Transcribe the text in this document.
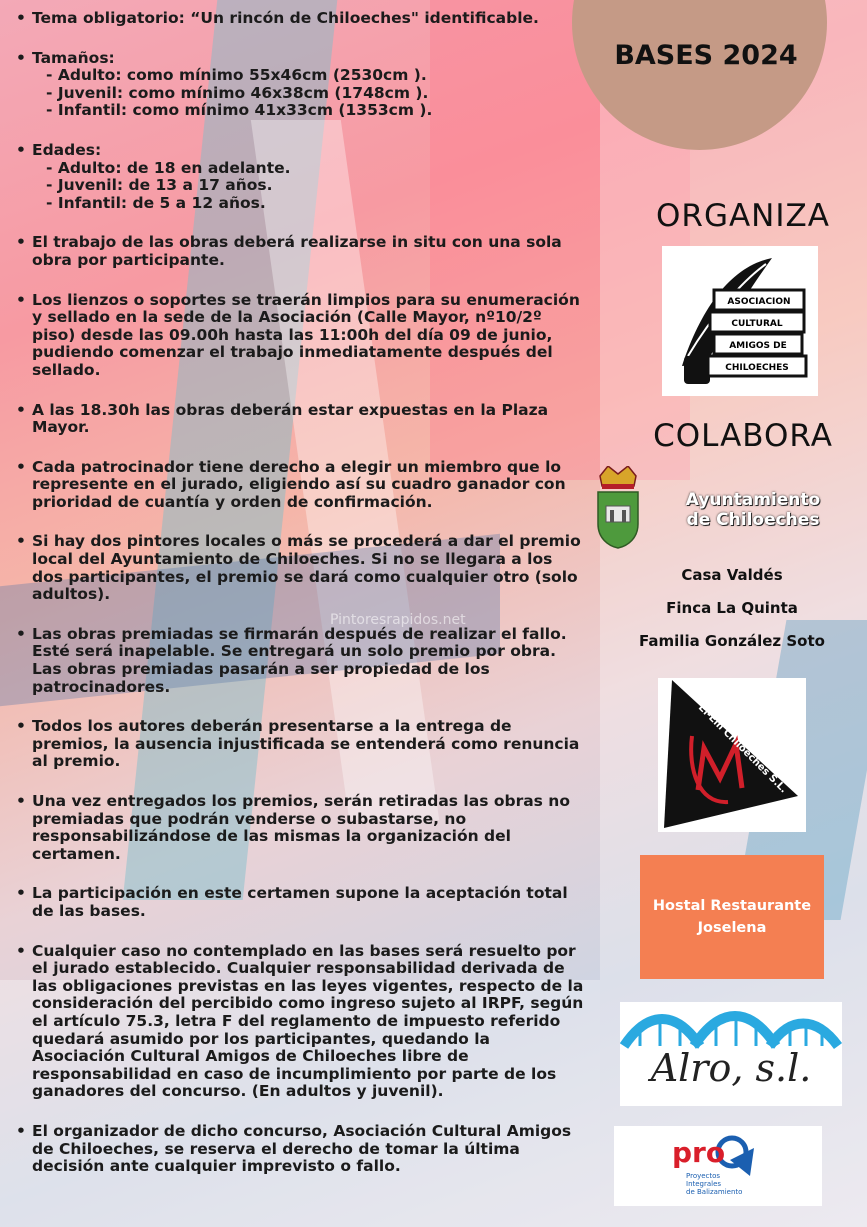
BASES 2024
• Tema obligatorio: “Un rincón de Chiloeches" identificable.
• Tamaños:
- Adulto: como mínimo 55x46cm (2530cm ).
- Juvenil: como mínimo 46x38cm (1748cm ).
- Infantil: como mínimo 41x33cm (1353cm ).
• Edades:
- Adulto: de 18 en adelante.
- Juvenil: de 13 a 17 años.
- Infantil: de 5 a 12 años.
• El trabajo de las obras deberá realizarse in situ con una sola obra por participante.
• Los lienzos o soportes se traerán limpios para su enumeración y sellado en la sede de la Asociación (Calle Mayor, nº10/2º piso) desde las 09.00h hasta las 11:00h del día 09 de junio, pudiendo comenzar el trabajo inmediatamente después del sellado.
• A las 18.30h las obras deberán estar expuestas en la Plaza Mayor.
• Cada patrocinador tiene derecho a elegir un miembro que lo represente en el jurado, eligiendo así su cuadro ganador con prioridad de cuantía y orden de confirmación.
• Si hay dos pintores locales o más se procederá a dar el premio local del Ayuntamiento de Chiloeches. Si no se llegara a los dos participantes, el premio se dará como cualquier otro (solo adultos).
• Las obras premiadas se firmarán después de realizar el fallo. Esté será inapelable. Se entregará un solo premio por obra. Las obras premiadas pasarán a ser propiedad de los patrocinadores.
• Todos los autores deberán presentarse a la entrega de premios, la ausencia injustificada se entenderá como renuncia al premio.
• Una vez entregados los premios, serán retiradas las obras no premiadas que podrán venderse o subastarse, no responsabilizándose de las mismas la organización del certamen.
• La participación en este certamen supone la aceptación total de las bases.
• Cualquier caso no contemplado en las bases será resuelto por el jurado establecido. Cualquier responsabilidad derivada de las obligaciones previstas en las leyes vigentes, respecto de la consideración del percibido como ingreso sujeto al IRPF, según el artículo 75.3, letra F del reglamento de impuesto referido quedará asumido por los participantes, quedando la Asociación Cultural Amigos de Chiloeches libre de responsabilidad en caso de incumplimiento por parte de los ganadores del concurso. (En adultos y juvenil).
• El organizador de dicho concurso, Asociación Cultural Amigos de Chiloeches, se reserva el derecho de tomar la última decisión ante cualquier imprevisto o fallo.
Pintoresrapidos.net
ORGANIZA
ASOCIACION
CULTURAL
AMIGOS DE
CHILOECHES
COLABORA
Ayuntamiento
de Chiloeches
Casa Valdés
Finca La Quinta
Familia González Soto
El-Em Chiloeches S.L.
Hostal Restaurante
Joselena
Alro, s.l.
pro
Proyectos
Integrales
de Balizamiento
